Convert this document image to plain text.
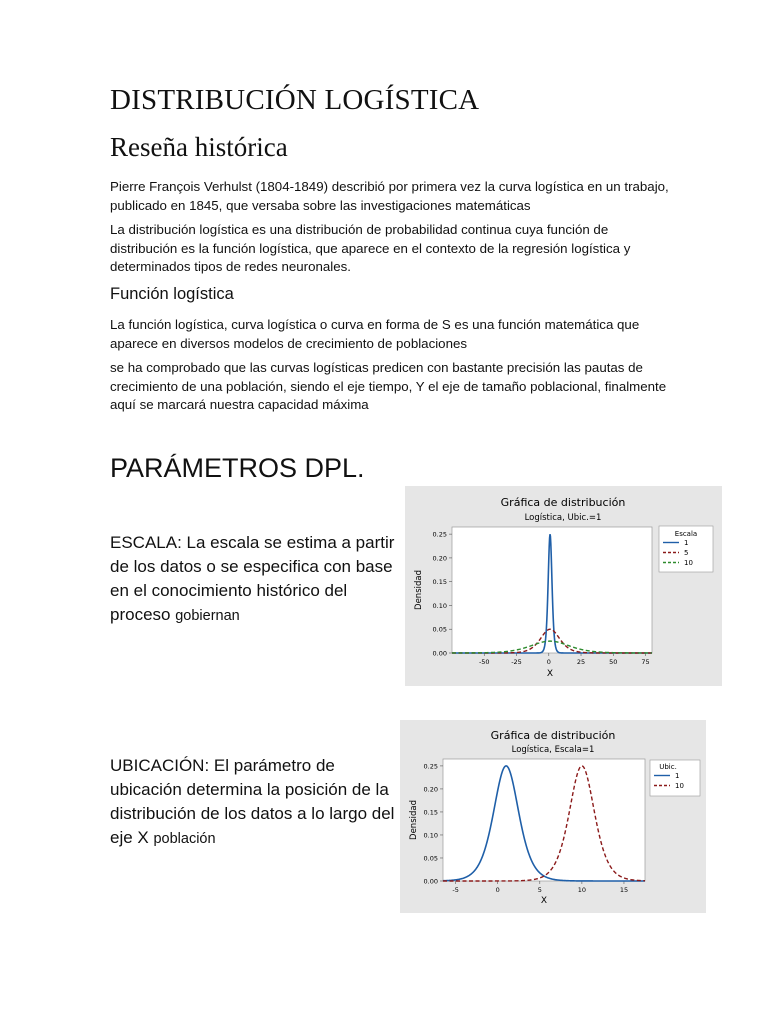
DISTRIBUCIÓN LOGÍSTICA
Reseña histórica
Pierre François Verhulst (1804-1849) describió por primera vez la curva logística en un trabajo, publicado en 1845, que versaba sobre las investigaciones matemáticas
La distribución logística es una distribución de probabilidad continua cuya función de distribución es la función logística, que aparece en el contexto de la regresión logística y determinados tipos de redes neuronales.
Función logística
La función logística, curva logística o curva en forma de S es una función matemática que aparece en diversos modelos de crecimiento de poblaciones
se ha comprobado que las curvas logísticas predicen con bastante precisión las pautas de crecimiento de una población, siendo el eje tiempo, Y el eje de tamaño poblacional, finalmente aquí se marcará nuestra capacidad máxima
PARÁMETROS DPL.
ESCALA: La escala se estima a partir de los datos o se especifica con base en el conocimiento histórico del proceso gobiernan
UBICACIÓN: El parámetro de ubicación determina la posición de la distribución de los datos a lo largo del eje X población
Gráfica de distribución
Logística, Ubic.=1
0.00
0.05
0.10
0.15
0.20
0.25
-50	-25	0	25	50	75
X
Densidad
Escala
1
5
10
Gráfica de distribución
Logística, Escala=1
0.00
0.05
0.10
0.15
0.20
0.25
-5	0	5	10	15
X
Densidad
Ubic.
1
10
